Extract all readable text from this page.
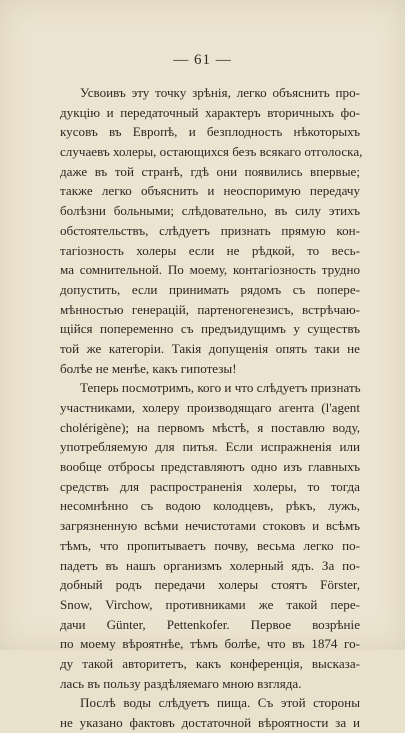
— 61 —
Усвоивъ эту точку зрѣнія, легко объяснить про-
дукцію и передаточный характеръ вторичныхъ фо-
кусовъ въ Европѣ, и безплодность нѣкоторыхъ
случаевъ холеры, остающихся безъ всякаго отголоска,
даже въ той странѣ, гдѣ они появились впервые;
также легко объяснить и неоспоримую передачу
болѣзни больными; слѣдовательно, въ силу этихъ
обстоятельствъ, слѣдуетъ признать прямую кон-
тагіозность холеры если не рѣдкой, то весь-
ма сомнительной. По моему, контагіозность трудно
допустить, если принимать рядомъ съ попере-
мѣнностью генерацій, партеногенезисъ, встрѣчаю-
щійся попеременно съ предъидущимъ у существъ
той же категоріи. Такія допущенія опять таки не
болѣе не менѣе, какъ гипотезы!
Теперь посмотримъ, кого и что слѣдуетъ признать
участниками, холеру производящаго агента (l'agent
cholérigène); на первомъ мѣстѣ, я поставлю воду,
употребляемую для питья. Если испражненія или
вообще отбросы представляютъ одно изъ главныхъ
средствъ для распространенія холеры, то тогда
несомнѣнно съ водою колодцевъ, рѣкъ, лужъ,
загрязненную всѣми нечистотами стоковъ и всѣмъ
тѣмъ, что пропитываетъ почву, весьма легко по-
падетъ въ нашъ организмъ холерный ядъ. За по-
добный родъ передачи холеры стоятъ Förster,
Snow, Virchow, противниками же такой пере-
дачи Günter, Pettenkofer. Первое возрѣніе
по моему вѣроятнѣе, тѣмъ болѣе, что въ 1874 го-
ду такой авторитетъ, какъ конференція, высказа-
лась въ пользу раздѣляемаго мною взгляда.
Послѣ воды слѣдуетъ пища. Съ этой стороны
не указано фактовъ достаточной вѣроятности за и
